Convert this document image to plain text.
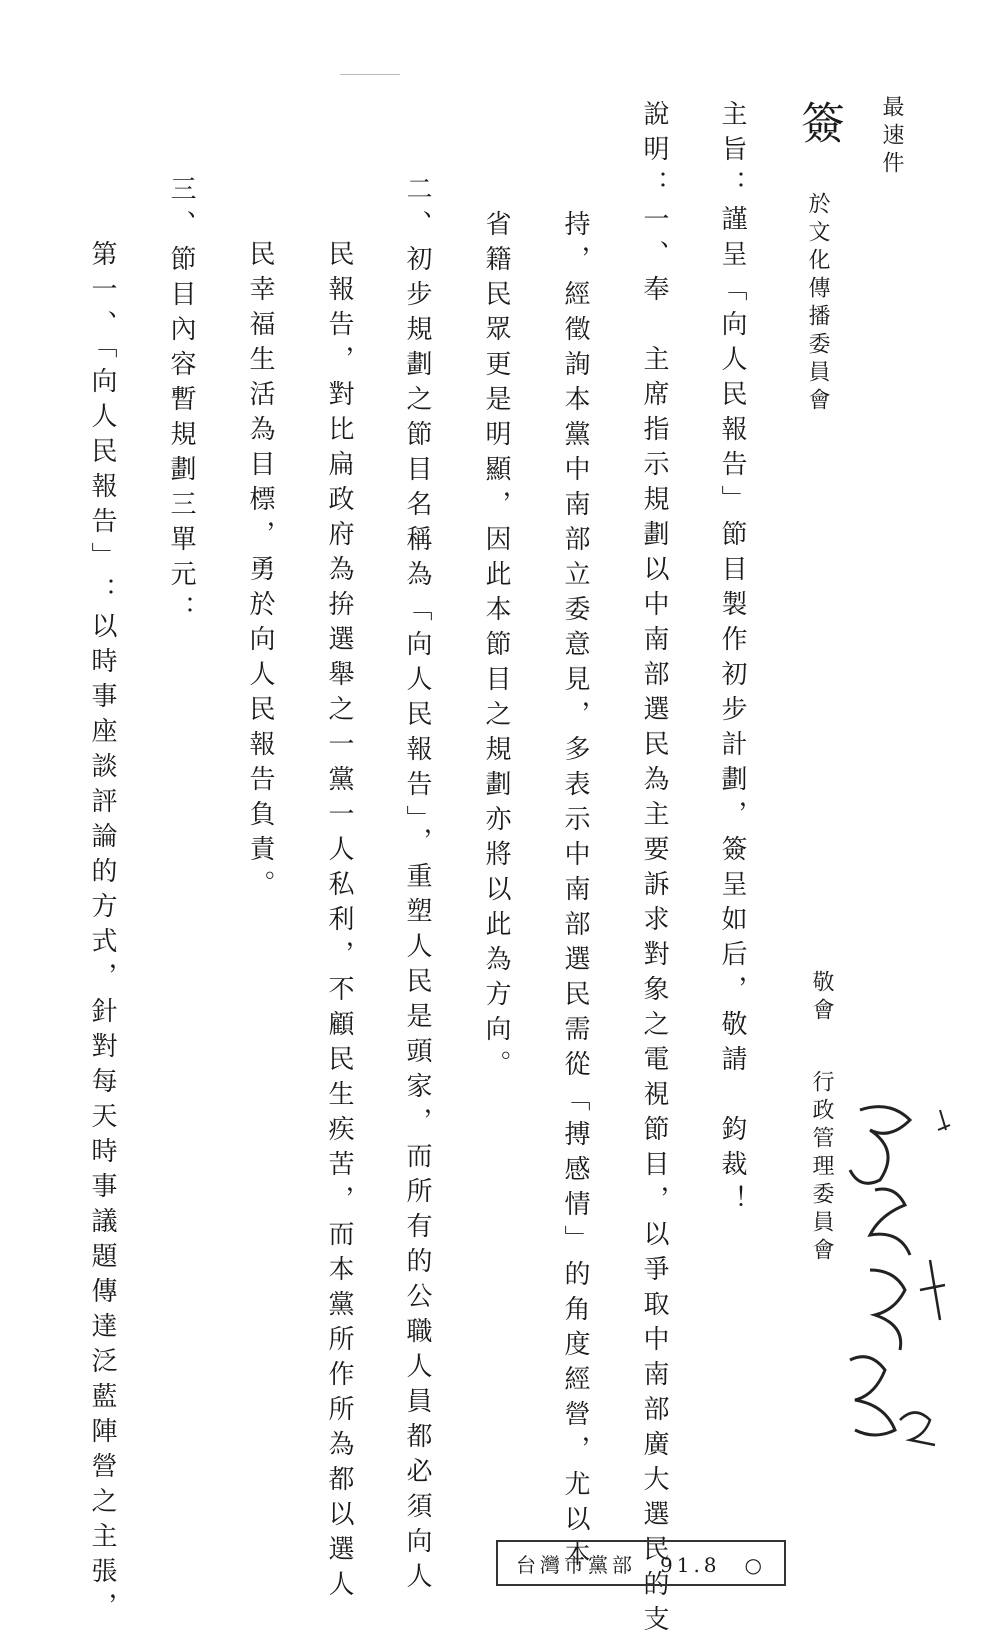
最速件
簽
於文化傳播委員會
主旨：謹呈「向人民報告」節目製作初步計劃，簽呈如后，敬請　鈞裁！
說明：一、奉　主席指示規劃以中南部選民為主要訴求對象之電視節目，以爭取中南部廣大選民的支
持，經徵詢本黨中南部立委意見，多表示中南部選民需從「搏感情」的角度經營，尤以本
省籍民眾更是明顯，因此本節目之規劃亦將以此為方向。
二、初步規劃之節目名稱為「向人民報告」，重塑人民是頭家，而所有的公職人員都必須向人
民報告，對比扁政府為拚選舉之一黨一人私利，不顧民生疾苦，而本黨所作所為都以選人
民幸福生活為目標，勇於向人民報告負責。
三、節目內容暫規劃三單元：
第一、「向人民報告」：以時事座談評論的方式，針對每天時事議題傳達泛藍陣營之主張，	敬會
行政管理委員會
台灣市黨部　91.8　○
